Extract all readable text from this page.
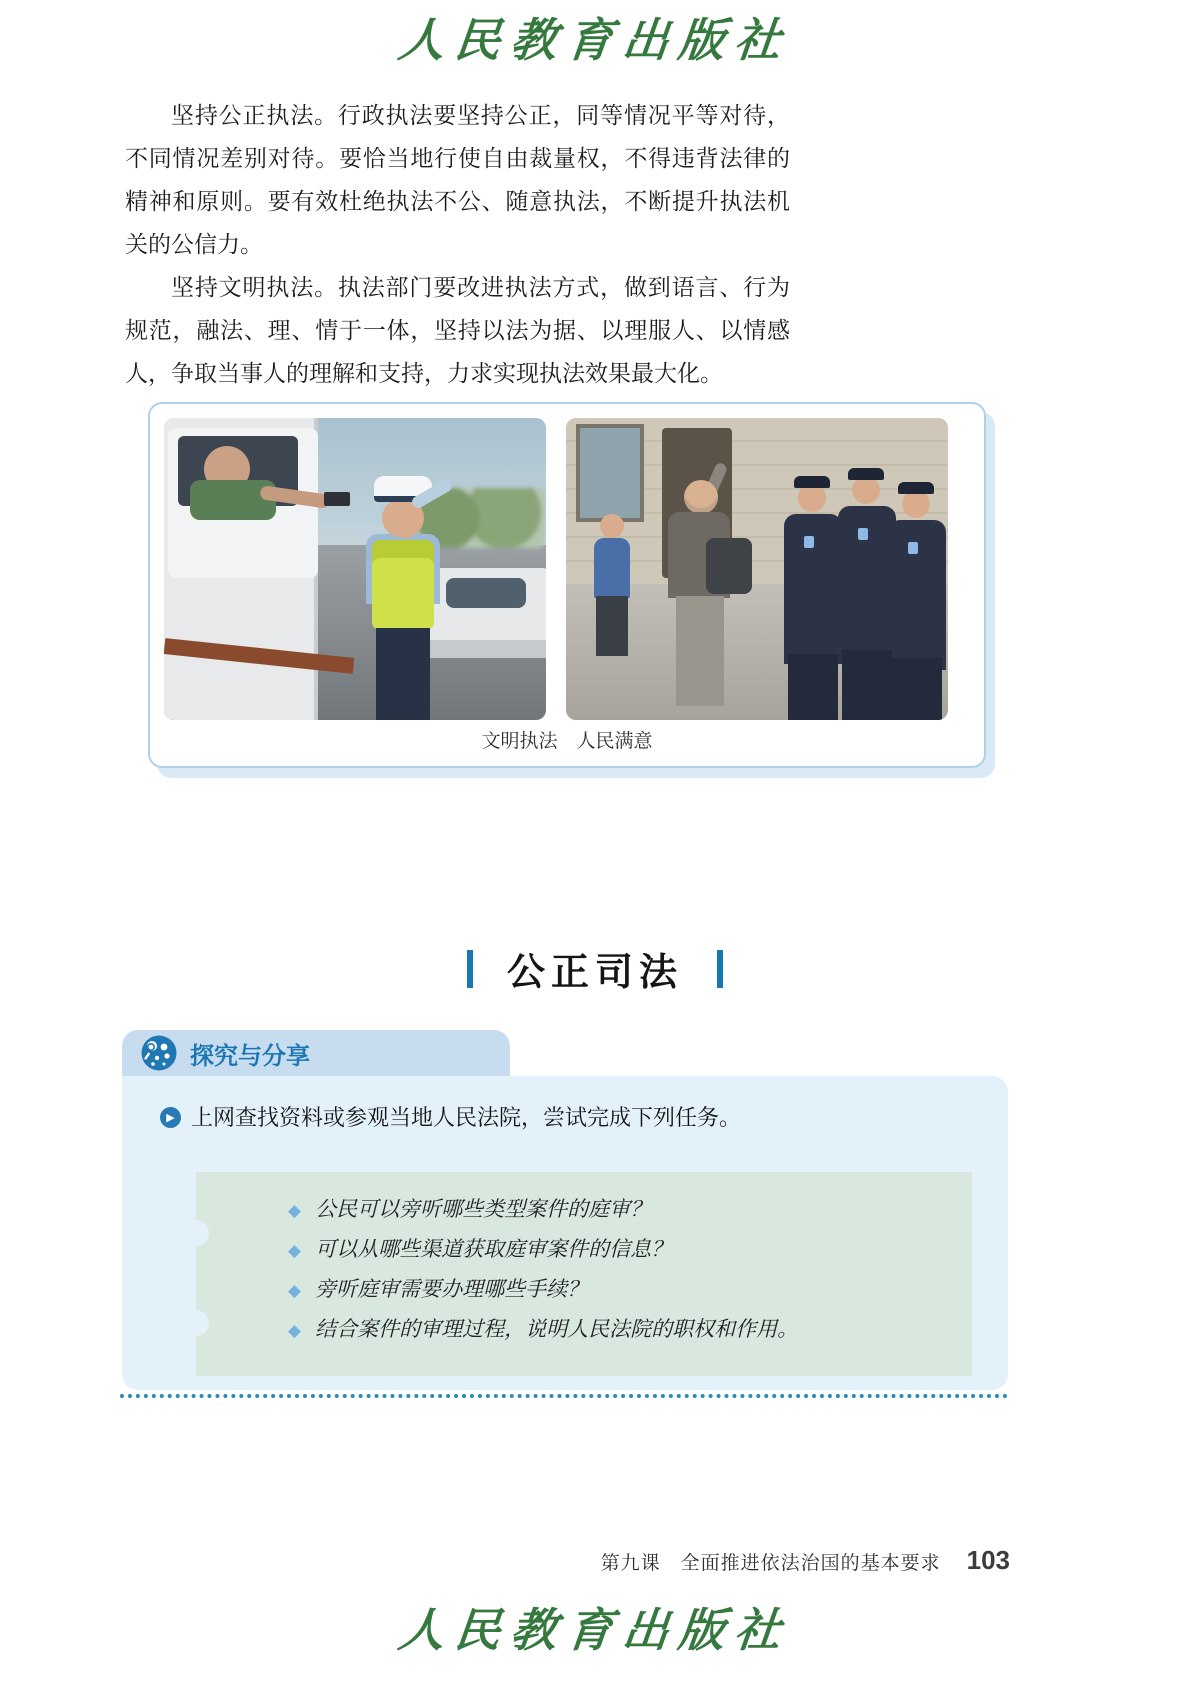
人民教育出版社

坚持公正执法。行政执法要坚持公正，同等情况平等对待，不同情况差别对待。要恰当地行使自由裁量权，不得违背法律的精神和原则。要有效杜绝执法不公、随意执法，不断提升执法机关的公信力。

坚持文明执法。执法部门要改进执法方式，做到语言、行为规范，融法、理、情于一体，坚持以法为据、以理服人、以情感人，争取当事人的理解和支持，力求实现执法效果最大化。

文明执法　人民满意
公正司法
探究与分享
▶ 上网查找资料或参观当地人民法院，尝试完成下列任务。
◆ 公民可以旁听哪些类型案件的庭审？
◆ 可以从哪些渠道获取庭审案件的信息？
◆ 旁听庭审需要办理哪些手续？
◆ 结合案件的审理过程，说明人民法院的职权和作用。
第九课　全面推进依法治国的基本要求 103
人民教育出版社
